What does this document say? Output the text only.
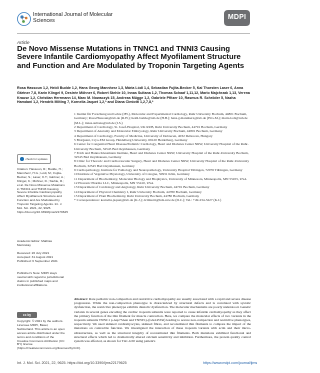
International Journal of Molecular Sciences	MDPI
Article
De Novo Missense Mutations in TNNC1 and TNNI3 Causing Severe Infantile Cardiomyopathy Affect Myofilament Structure and Function and Are Modulated by Troponin Targeting Agents
Rosa Hassoun 1,2, Heidi Budde 1,2, Hans Georg Mannherz 1,3, Mária Lódi 1,4, Sebastian Fujita-Becker 5, Kai Thorsten Laser 6, Anna Gärtner 7,8, Karin Klingel 9, Desirée Möhner 6, Robert Stehle 10, Innas Sultana 1,2, Thomas Schaaf 1,11,12, Mario Majchrzak 1,13, Verena Krause 1,2, Christian Herrmann 14, Marc M. Nowaczyk 15, Andreas Mügge 1,2, Gabriele Pfitzer 10, Rasmus R. Schröder 5, Nazha Hamdani 1,2, Hendrik Milting 7, Kornelia Jaquet 1,2,* and Diana Cimiotti 1,2,7,8,*
check for updates
Citation: Hassoun, R.; Budde, H.; Mannherz, H.G.; Lódi, M.; Fujita-Becker, S.; Laser, K.T.; Gärtner, A.; Klingel, K.; Möhner, D.; Stehle, R.; et al. De Novo Missense Mutations in TNNC1 and TNNI3 Causing Severe Infantile Cardiomyopathy Affect Myofilament Structure and Function and Are Modulated by Troponin Targeting Agents. Int. J. Mol. Sci. 2021, 22, 9625. https://doi.org/10.3390/ijms22179625
Academic Editor: Mathias Mericskay
Received: 26 July 2021
Accepted: 31 August 2021
Published: 6 September 2021
Publisher's Note: MDPI stays neutral with regard to jurisdictional claims in published maps and institutional affiliations.
cc by
Copyright: © 2021 by the authors. Licensee MDPI, Basel, Switzerland. This article is an open access article distributed under the terms and conditions of the Creative Commons Attribution (CC BY) license (https://creativecommons.org/licenses/by/4.0/).
1 Institut für Forschung und Lehre (IFL), Molecular and Experimental Cardiology, Ruhr University Bochum, 44801 Bochum, Germany; Rosa.Hassoun@rub.de (R.H.); heidi.budde@rub.de (H.B.); hans.g.mannherz@rub.de (H.G.M.); maria.lodi@rub.de (M.L.); innas.sultana@rub.de (I.S.)
2 Department of Cardiology, St. Josef-Hospital, UK RUB, Ruhr University Bochum, 44791 Bochum, Germany
3 Department of Anatomy and Molecular Embryology, Ruhr University Bochum, 44801 Bochum, Germany
4 Department of Cardiology, Faculty of Medicine, University of Debrecen, 4032 Debrecen, Hungary
5 BioQuant, Cryo-EM Group, Heidelberg University, 69120 Heidelberg, Germany
6 Center for Congenital Heart Disease/Pediatric Cardiology, Heart and Diabetes Center NRW, University Hospital of the Ruhr-University Bochum, 32545 Bad Oeynhausen, Germany
7 Erich and Hanna Klessmann Institute, Heart and Diabetes Center NRW, University Hospital of the Ruhr-University Bochum, 32545 Bad Oeynhausen, Germany
8 Clinic for Thoracic and Cardiovascular Surgery, Heart and Diabetes Center NRW, University Hospital of the Ruhr-University Bochum, 32545 Bad Oeynhausen, Germany
9 Cardiopathology, Institute for Pathology and Neuropathology, University Hospital Tübingen, 72076 Tübingen, Germany
10 Institute of Vegetative Physiology, University of Cologne, 50931 Köln, Germany
11 Department of Biochemistry, Molecular Biology and Biophysics, University of Minnesota, Minneapolis, MN 55455, USA
12 Photonic Pharma LLC, Minneapolis, MN 55410, USA
13 Department of Cardiology and Angiology, Ruhr University Bochum, 44791 Bochum, Germany
14 Department of Physical Chemistry I, Ruhr University Bochum, 44780 Bochum, Germany
15 Department of Plant Biochemistry, Ruhr University Bochum, 44780 Bochum, Germany
* Correspondence: kornelia.jaquet@rub.de (K.J.); dcimiotti@hdz-nrw.de (D.C.); Tel.: +49-234-3227 (K.J.)
Abstract: Rare pediatric non-compaction and restrictive cardiomyopathy are usually associated with a rapid and severe disease progression. While the non-compaction phenotype is characterized by structural defects and is correlated with systolic dysfunction, the restrictive phenotype exhibits diastolic dysfunction. The molecular mechanisms are poorly understood. Genetic variants in several genes encoding the cardiac troponin subunits were reported to cause infantile cardiomyopathy as they affect the primary function of the thin filament for muscle contraction. Here, we compare the molecular effects of two variants in the troponin subunits TNNC1 p.Asp73Asn and TNNI3 p.(Glu145Val) leading to severe non-compaction and restrictive phenotypes, respectively. We used skinned cardiomyocytes, skinned fibres, and reconstituted thin filaments to compare the impact of the mutations on contractile function. We investigated the interaction of these troponin variants with actin and their micro-ultrastructure, as well as the structural integrity of reconstituted thin filaments. Both mutations exhibited functional and structural effects which led to dramatically altered calcium sensitivity and inhibition. Furthermore, the protein quality control system was affected, as shown for TnC-G50 using patient's
Int. J. Mol. Sci. 2021, 22, 9625. https://doi.org/10.3390/ijms22179625	https://www.mdpi.com/journal/ijms
